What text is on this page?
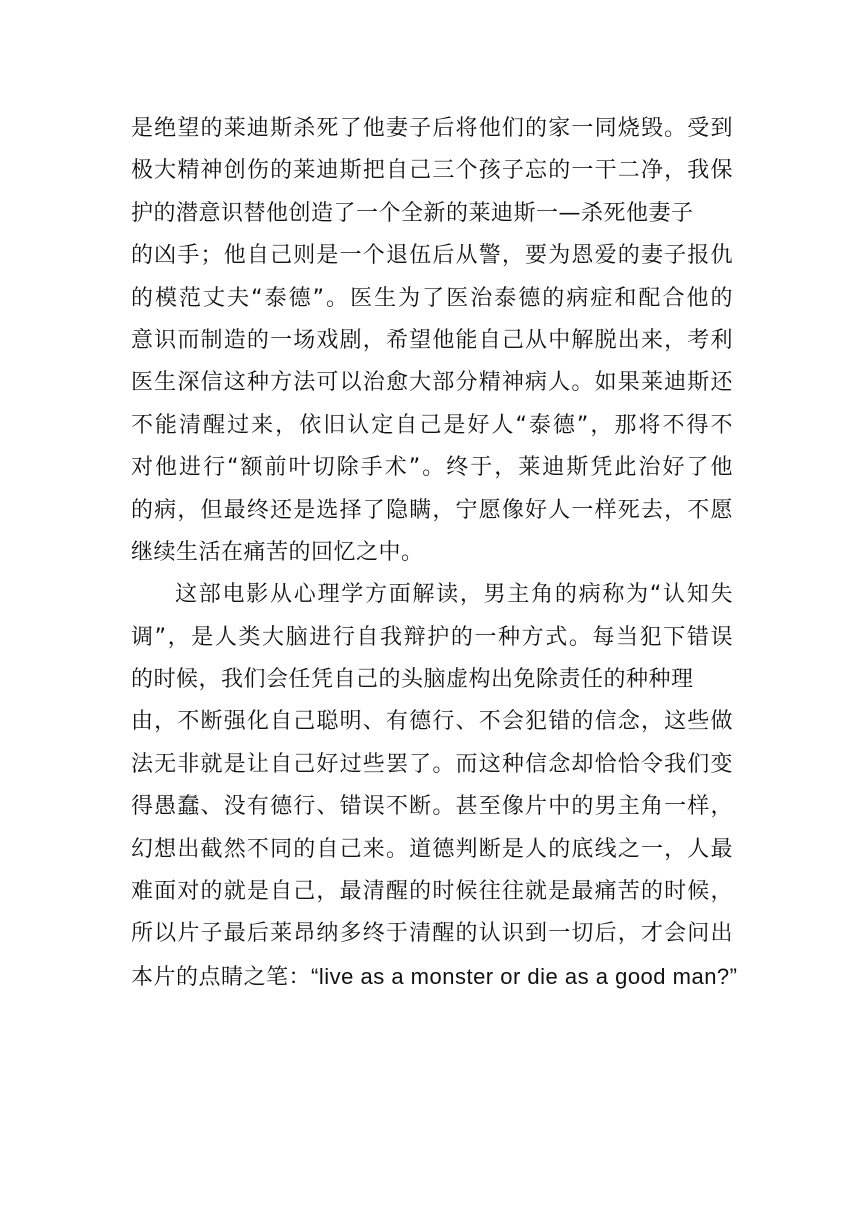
是绝望的莱迪斯杀死了他妻子后将他们的家一同烧毁。受到
极大精神创伤的莱迪斯把自己三个孩子忘的一干二净，我保
护的潜意识替他创造了一个全新的莱迪斯一—杀死他妻子
的凶手；他自己则是一个退伍后从警，要为恩爱的妻子报仇
的模范丈夫“泰德”。医生为了医治泰德的病症和配合他的
意识而制造的一场戏剧，希望他能自己从中解脱出来，考利
医生深信这种方法可以治愈大部分精神病人。如果莱迪斯还
不能清醒过来，依旧认定自己是好人“泰德”，那将不得不
对他进行“额前叶切除手术”。终于，莱迪斯凭此治好了他
的病，但最终还是选择了隐瞒，宁愿像好人一样死去，不愿
继续生活在痛苦的回忆之中。
这部电影从心理学方面解读，男主角的病称为“认知失
调”，是人类大脑进行自我辩护的一种方式。每当犯下错误
的时候，我们会任凭自己的头脑虚构出免除责任的种种理
由，不断强化自己聪明、有德行、不会犯错的信念，这些做
法无非就是让自己好过些罢了。而这种信念却恰恰令我们变
得愚蠢、没有德行、错误不断。甚至像片中的男主角一样，
幻想出截然不同的自己来。道德判断是人的底线之一，人最
难面对的就是自己，最清醒的时候往往就是最痛苦的时候，
所以片子最后莱昂纳多终于清醒的认识到一切后，才会问出
本片的点睛之笔：“live as a monster or die as a good man?”
